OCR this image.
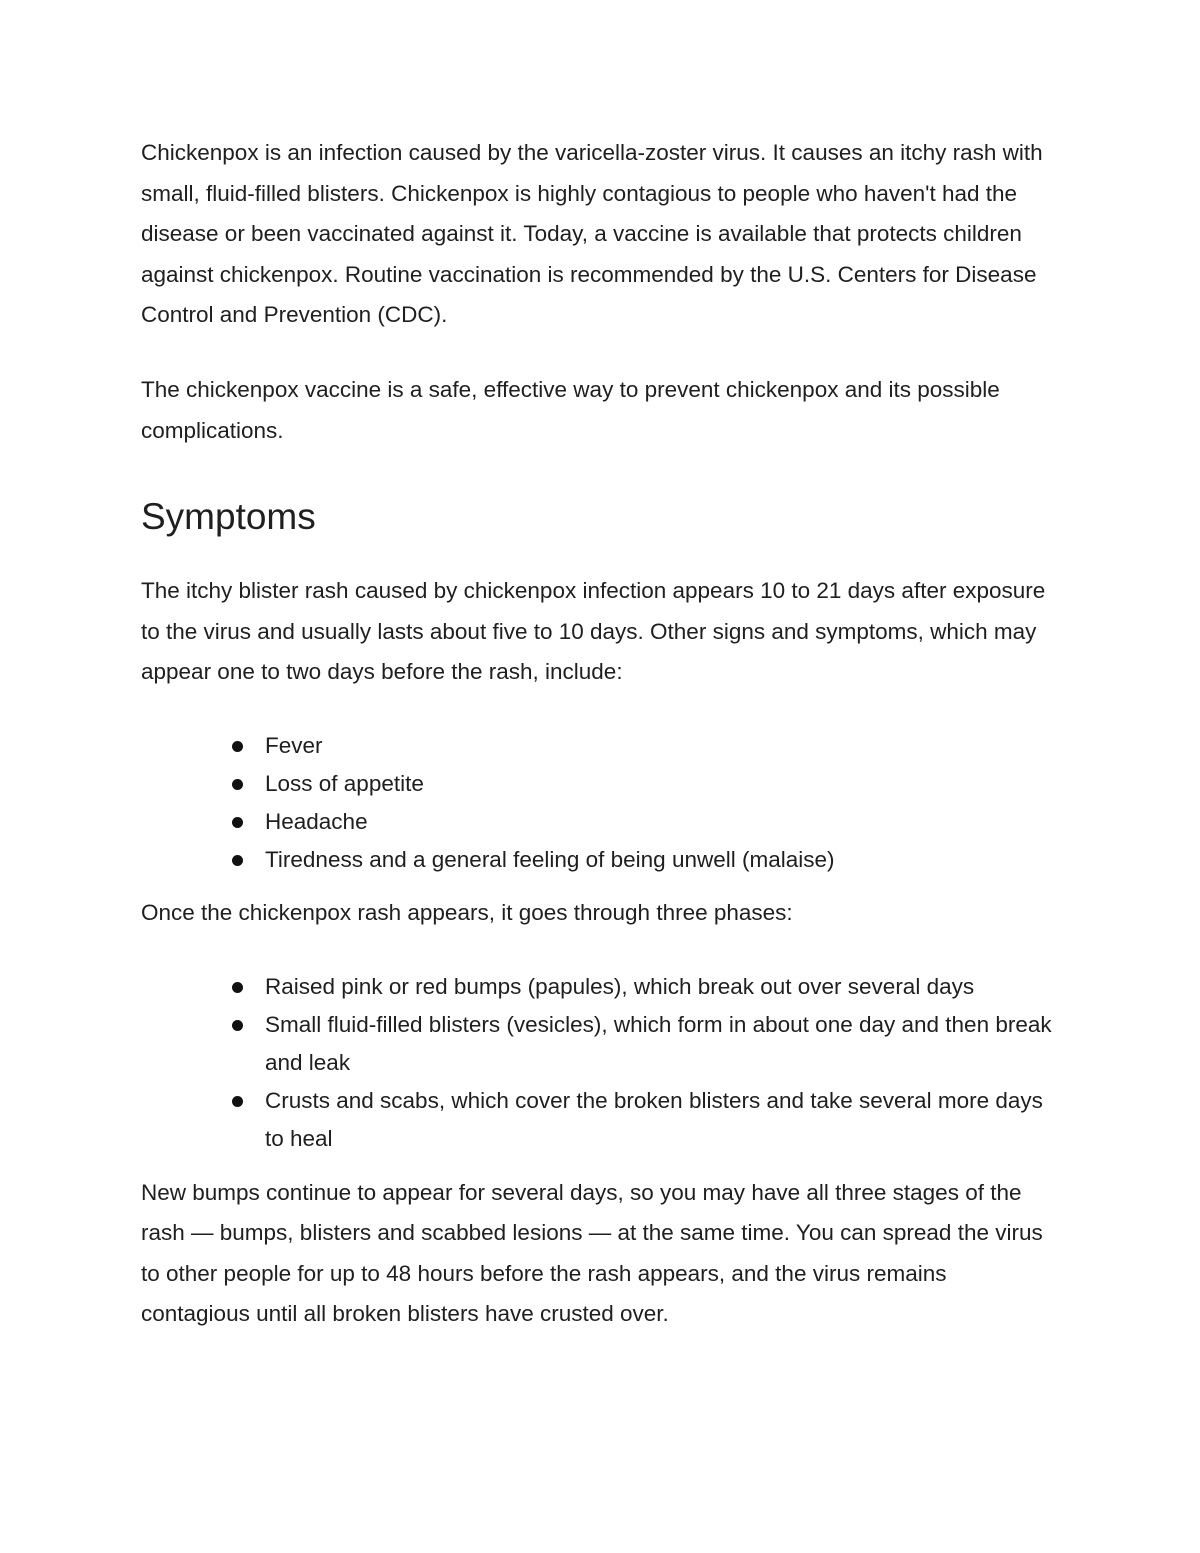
Chickenpox is an infection caused by the varicella-zoster virus. It causes an itchy rash with small, fluid-filled blisters. Chickenpox is highly contagious to people who haven't had the disease or been vaccinated against it. Today, a vaccine is available that protects children against chickenpox. Routine vaccination is recommended by the U.S. Centers for Disease Control and Prevention (CDC).

The chickenpox vaccine is a safe, effective way to prevent chickenpox and its possible complications.

Symptoms

The itchy blister rash caused by chickenpox infection appears 10 to 21 days after exposure to the virus and usually lasts about five to 10 days. Other signs and symptoms, which may appear one to two days before the rash, include:

Fever
Loss of appetite
Headache
Tiredness and a general feeling of being unwell (malaise)

Once the chickenpox rash appears, it goes through three phases:

Raised pink or red bumps (papules), which break out over several days
Small fluid-filled blisters (vesicles), which form in about one day and then break and leak
Crusts and scabs, which cover the broken blisters and take several more days to heal

New bumps continue to appear for several days, so you may have all three stages of the rash — bumps, blisters and scabbed lesions — at the same time. You can spread the virus to other people for up to 48 hours before the rash appears, and the virus remains contagious until all broken blisters have crusted over.
